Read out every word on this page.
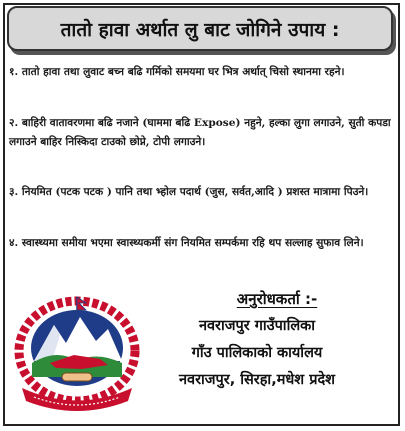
तातो हावा अर्थात लु बाट जोगिने उपाय :
१. तातो हावा तथा लुवाट बच्न बढि गर्मिको समयमा घर भित्र अर्थात् चिसो स्थानमा रहने।
२. बाहिरी वातावरणमा बढि नजाने (घाममा बढि Expose) नहुने, हल्का लुगा लगाउने, सुती कपडा लगाउने बाहिर निस्किदा टाउको छोप्ने, टोपी लगाउने।
३. नियमित (पटक पटक ) पानि तथा भ्होल पदार्थ (जुस, सर्वत,आदि ) प्रशस्त मात्रामा पिउने।
४. स्वास्थ्यमा समीया भएमा स्वास्थ्यकर्मी संग नियमित सम्पर्कमा रहि थप सल्लाह सुफाव लिने।
अनुरोधकर्ता :-
नवराजपुर गाउँपालिका
गाँउ पालिकाको कार्यालय
नवराजपुर, सिरहा,मधेश प्रदेश
